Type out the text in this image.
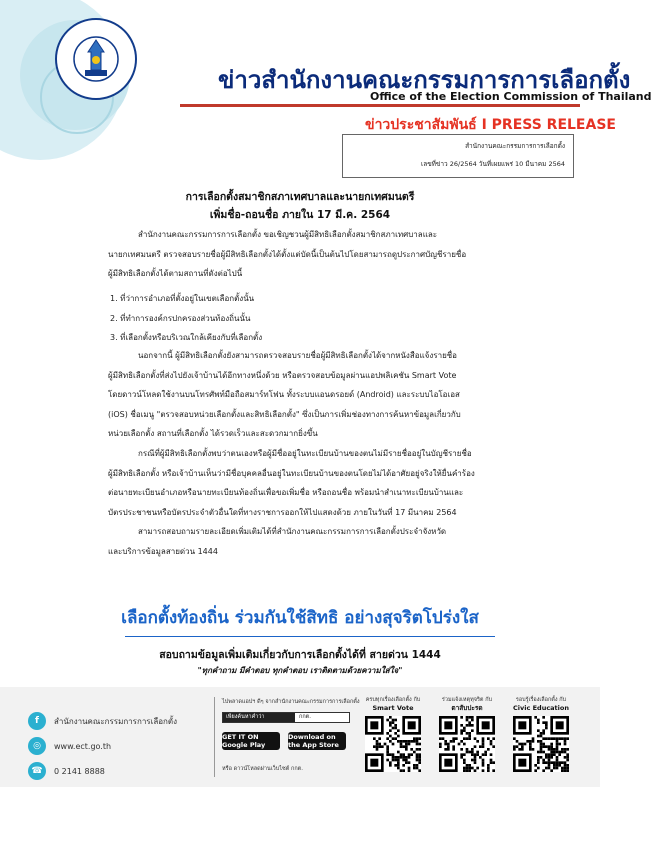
ข่าวสำนักงานคณะกรรมการการเลือกตั้ง
Office of the Election Commission of Thailand
ข่าวประชาสัมพันธ์ I PRESS RELEASE
สำนักงานคณะกรรมการการเลือกตั้ง
เลขที่ข่าว 26/2564 วันที่เผยแพร่ 10 มีนาคม 2564
การเลือกตั้งสมาชิกสภาเทศบาลและนายกเทศมนตรี
เพิ่มชื่อ-ถอนชื่อ ภายใน 17 มี.ค. 2564
สำนักงานคณะกรรมการการเลือกตั้ง ขอเชิญชวนผู้มีสิทธิเลือกตั้งสมาชิกสภาเทศบาลและ
นายกเทศมนตรี ตรวจสอบรายชื่อผู้มีสิทธิเลือกตั้งได้ตั้งแต่บัดนี้เป็นต้นไปโดยสามารถดูประกาศบัญชีรายชื่อ
ผู้มีสิทธิเลือกตั้งได้ตามสถานที่ดังต่อไปนี้
1. ที่ว่าการอำเภอที่ตั้งอยู่ในเขตเลือกตั้งนั้น
2. ที่ทำการองค์กรปกครองส่วนท้องถิ่นนั้น
3. ที่เลือกตั้งหรือบริเวณใกล้เคียงกับที่เลือกตั้ง
นอกจากนี้ ผู้มีสิทธิเลือกตั้งยังสามารถตรวจสอบรายชื่อผู้มีสิทธิเลือกตั้งได้จากหนังสือแจ้งรายชื่อ
ผู้มีสิทธิเลือกตั้งที่ส่งไปยังเจ้าบ้านได้อีกทางหนึ่งด้วย หรือตรวจสอบข้อมูลผ่านแอปพลิเคชัน Smart Vote
โดยดาวน์โหลดใช้งานบนโทรศัพท์มือถือสมาร์ทโฟน ทั้งระบบแอนดรอยด์ (Android) และระบบไอโอเอส
(iOS) ชื่อเมนู "ตรวจสอบหน่วยเลือกตั้งและสิทธิเลือกตั้ง" ซึ่งเป็นการเพิ่มช่องทางการค้นหาข้อมูลเกี่ยวกับ
หน่วยเลือกตั้ง สถานที่เลือกตั้ง ได้รวดเร็วและสะดวกมากยิ่งขึ้น
กรณีที่ผู้มีสิทธิเลือกตั้งพบว่าตนเองหรือผู้มีชื่ออยู่ในทะเบียนบ้านของตนไม่มีรายชื่ออยู่ในบัญชีรายชื่อ
ผู้มีสิทธิเลือกตั้ง หรือเจ้าบ้านเห็นว่ามีชื่อบุคคลอื่นอยู่ในทะเบียนบ้านของตนโดยไม่ได้อาศัยอยู่จริงให้ยื่นคำร้อง
ต่อนายทะเบียนอำเภอหรือนายทะเบียนท้องถิ่นเพื่อขอเพิ่มชื่อ หรือถอนชื่อ พร้อมนำสำเนาทะเบียนบ้านและ
บัตรประชาชนหรือบัตรประจำตัวอื่นใดที่ทางราชการออกให้ไปแสดงด้วย ภายในวันที่ 17 มีนาคม 2564
สามารถสอบถามรายละเอียดเพิ่มเติมได้ที่สำนักงานคณะกรรมการการเลือกตั้งประจำจังหวัด
และบริการข้อมูลสายด่วน 1444
เลือกตั้งท้องถิ่น ร่วมกันใช้สิทธิ อย่างสุจริตโปร่งใส
สอบถามข้อมูลเพิ่มเติมเกี่ยวกับการเลือกตั้งได้ที่ สายด่วน 1444
"ทุกคำถาม มีคำตอบ ทุกคำตอบ เราติดตามด้วยความใส่ใจ"
f	สำนักงานคณะกรรมการการเลือกตั้ง
◎	www.ect.go.th
☎	0 2141 8888
ไปพลาดแอปฯ ดีๆ จากสำนักงานคณะกรรมการการเลือกตั้ง
เพียงค้นหาคำว่า	กกต.
GET IT ON Google Play
Download on the App Store
หรือ ดาวน์โหลดผ่านเว็บไซต์ กกต.
ครบทุกเรื่องเลือกตั้ง กับ
Smart Vote
ร่วมแจ้งเหตุทุจริต กับ
ตาสับปะรด
รอบรู้เรื่องเลือกตั้ง กับ
Civic Education
